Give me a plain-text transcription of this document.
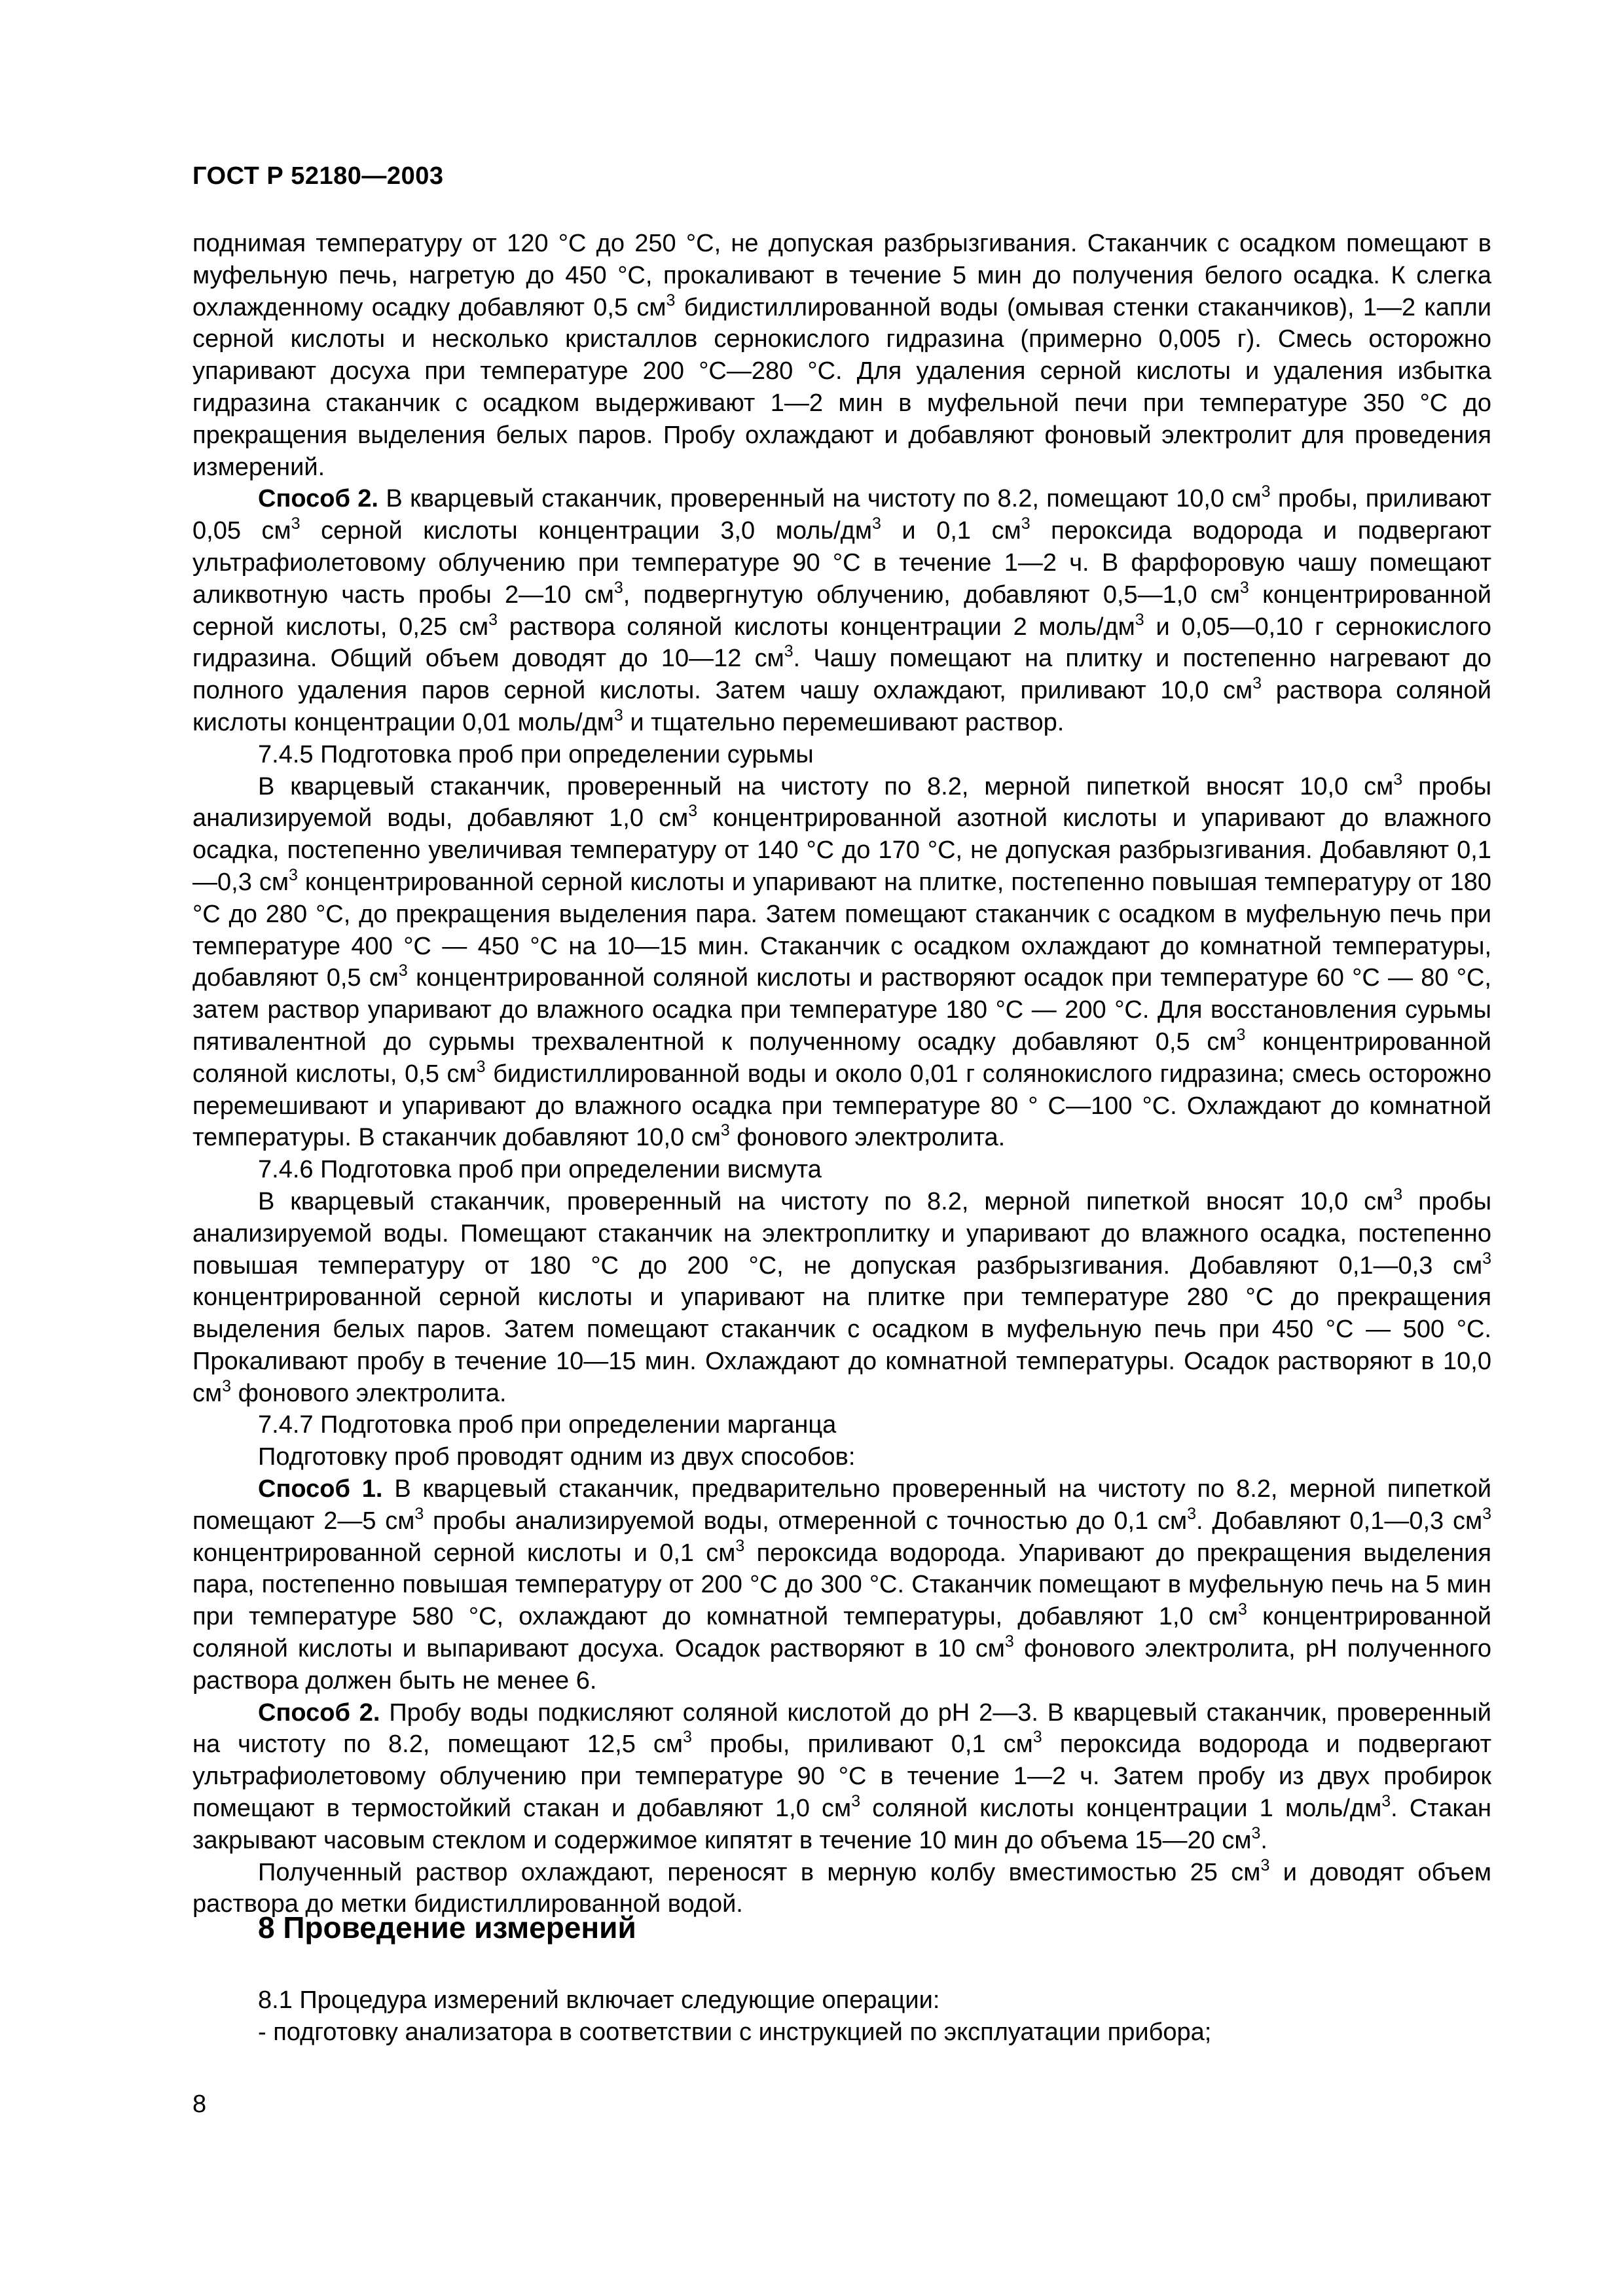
ГОСТ Р 52180—2003

поднимая температуру от 120 °С до 250 °С, не допуская разбрызгивания. Стаканчик с осадком помещают в муфельную печь, нагретую до 450 °С, прокаливают в течение 5 мин до получения белого осадка. К слегка охлажденному осадку добавляют 0,5 $см^3$ бидистиллированной воды (омывая стенки стаканчиков), 1—2 капли серной кислоты и несколько кристаллов сернокислого гидразина (примерно 0,005 г). Смесь осторожно упаривают досуха при температуре 200 °С—280 °С. Для удаления серной кислоты и удаления избытка гидразина стаканчик с осадком выдерживают 1—2 мин в муфельной печи при температуре 350 °С до прекращения выделения белых паров. Пробу охлаждают и добавляют фоновый электролит для проведения измерений.

Способ 2. В кварцевый стаканчик, проверенный на чистоту по 8.2, помещают 10,0 $см^3$ пробы, приливают 0,05 $см^3$ серной кислоты концентрации 3,0 моль/$дм^3$ и 0,1 $см^3$ пероксида водорода и подвергают ультрафиолетовому облучению при температуре 90 °С в течение 1—2 ч. В фарфоровую чашу помещают аликвотную часть пробы 2—10 $см^3$, подвергнутую облучению, добавляют 0,5—1,0 $см^3$ концентрированной серной кислоты, 0,25 $см^3$ раствора соляной кислоты концентрации 2 моль/$дм^3$ и 0,05—0,10 г сернокислого гидразина. Общий объем доводят до 10—12 $см^3$. Чашу помещают на плитку и постепенно нагревают до полного удаления паров серной кислоты. Затем чашу охлаждают, приливают 10,0 $см^3$ раствора соляной кислоты концентрации 0,01 моль/$дм^3$ и тщательно перемешивают раствор.

7.4.5 Подготовка проб при определении сурьмы

В кварцевый стаканчик, проверенный на чистоту по 8.2, мерной пипеткой вносят 10,0 $см^3$ пробы анализируемой воды, добавляют 1,0 $см^3$ концентрированной азотной кислоты и упаривают до влажного осадка, постепенно увеличивая температуру от 140 °С до 170 °С, не допуская разбрызгивания. Добавляют 0,1—0,3 $см^3$ концентрированной серной кислоты и упаривают на плитке, постепенно повышая температуру от 180 °С до 280 °С, до прекращения выделения пара. Затем помещают стаканчик с осадком в муфельную печь при температуре 400 °С — 450 °С на 10—15 мин. Стаканчик с осадком охлаждают до комнатной температуры, добавляют 0,5 $см^3$ концентрированной соляной кислоты и растворяют осадок при температуре 60 °С — 80 °С, затем раствор упаривают до влажного осадка при температуре 180 °С — 200 °С. Для восстановления сурьмы пятивалентной до сурьмы трехвалентной к полученному осадку добавляют 0,5 $см^3$ концентрированной соляной кислоты, 0,5 $см^3$ бидистиллированной воды и около 0,01 г солянокислого гидразина; смесь осторожно перемешивают и упаривают до влажного осадка при температуре 80 ° С—100 °С. Охлаждают до комнатной температуры. В стаканчик добавляют 10,0 $см^3$ фонового электролита.

7.4.6 Подготовка проб при определении висмута

В кварцевый стаканчик, проверенный на чистоту по 8.2, мерной пипеткой вносят 10,0 $см^3$ пробы анализируемой воды. Помещают стаканчик на электроплитку и упаривают до влажного осадка, постепенно повышая температуру от 180 °С до 200 °С, не допуская разбрызгивания. Добавляют 0,1—0,3 $см^3$ концентрированной серной кислоты и упаривают на плитке при температуре 280 °С до прекращения выделения белых паров. Затем помещают стаканчик с осадком в муфельную печь при 450 °С — 500 °С. Прокаливают пробу в течение 10—15 мин. Охлаждают до комнатной температуры. Осадок растворяют в 10,0 $см^3$ фонового электролита.

7.4.7 Подготовка проб при определении марганца

Подготовку проб проводят одним из двух способов:

Способ 1. В кварцевый стаканчик, предварительно проверенный на чистоту по 8.2, мерной пипеткой помещают 2—5 $см^3$ пробы анализируемой воды, отмеренной с точностью до 0,1 $см^3$. Добавляют 0,1—0,3 $см^3$ концентрированной серной кислоты и 0,1 $см^3$ пероксида водорода. Упаривают до прекращения выделения пара, постепенно повышая температуру от 200 °С до 300 °С. Стаканчик помещают в муфельную печь на 5 мин при температуре 580 °С, охлаждают до комнатной температуры, добавляют 1,0 $см^3$ концентрированной соляной кислоты и выпаривают досуха. Осадок растворяют в 10 $см^3$ фонового электролита, рН полученного раствора должен быть не менее 6.

Способ 2. Пробу воды подкисляют соляной кислотой до рН 2—3. В кварцевый стаканчик, проверенный на чистоту по 8.2, помещают 12,5 $см^3$ пробы, приливают 0,1 $см^3$ пероксида водорода и подвергают ультрафиолетовому облучению при температуре 90 °С в течение 1—2 ч. Затем пробу из двух пробирок помещают в термостойкий стакан и добавляют 1,0 $см^3$ соляной кислоты концентрации 1 моль/$дм^3$. Стакан закрывают часовым стеклом и содержимое кипятят в течение 10 мин до объема 15—20 $см^3$.

Полученный раствор охлаждают, переносят в мерную колбу вместимостью 25 $см^3$ и доводят объем раствора до метки бидистиллированной водой.

8 Проведение измерений

8.1 Процедура измерений включает следующие операции:

- подготовку анализатора в соответствии с инструкцией по эксплуатации прибора;

8
